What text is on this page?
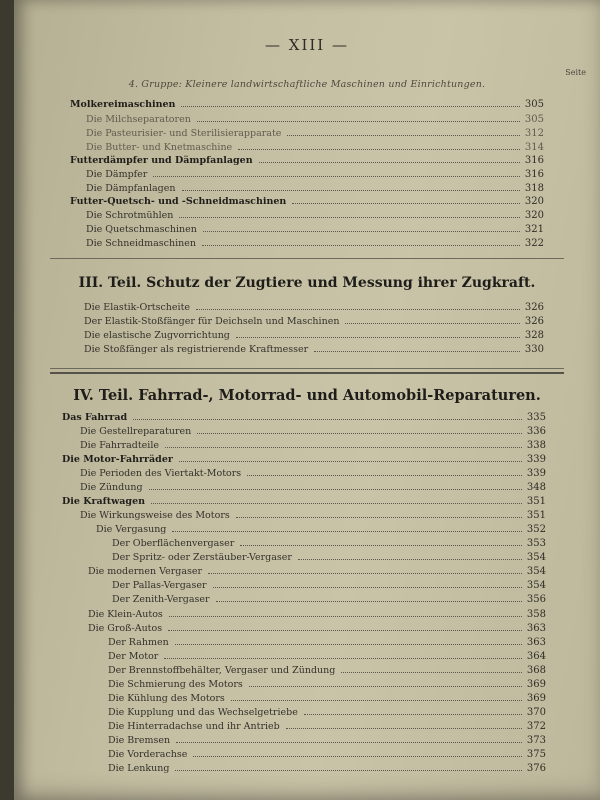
— XIII —
Seite
4. Gruppe: Kleinere landwirtschaftliche Maschinen und Einrichtungen.
III. Teil. Schutz der Zugtiere und Messung ihrer Zugkraft.
IV. Teil. Fahrrad-, Motorrad- und Automobil-Reparaturen.
Molkereimaschinen	305
Die Milchseparatoren	305
Die Pasteurisier- und Sterilisierapparate	312
Die Butter- und Knetmaschine	314
Futterdämpfer und Dämpfanlagen	316
Die Dämpfer	316
Die Dämpfanlagen	318
Futter-Quetsch- und -Schneidmaschinen	320
Die Schrotmühlen	320
Die Quetschmaschinen	321
Die Schneidmaschinen	322
Die Elastik-Ortscheite	326
Der Elastik-Stoßfänger für Deichseln und Maschinen	326
Die elastische Zugvorrichtung	328
Die Stoßfänger als registrierende Kraftmesser	330
Das Fahrrad	335
Die Gestellreparaturen	336
Die Fahrradteile	338
Die Motor-Fahrräder	339
Die Perioden des Viertakt-Motors	339
Die Zündung	348
Die Kraftwagen	351
Die Wirkungsweise des Motors	351
Die Vergasung	352
Der Oberflächenvergaser	353
Der Spritz- oder Zerstäuber-Vergaser	354
Die modernen Vergaser	354
Der Pallas-Vergaser	354
Der Zenith-Vergaser	356
Die Klein-Autos	358
Die Groß-Autos	363
Der Rahmen	363
Der Motor	364
Der Brennstoffbehälter, Vergaser und Zündung	368
Die Schmierung des Motors	369
Die Kühlung des Motors	369
Die Kupplung und das Wechselgetriebe	370
Die Hinterradachse und ihr Antrieb	372
Die Bremsen	373
Die Vorderachse	375
Die Lenkung	376
